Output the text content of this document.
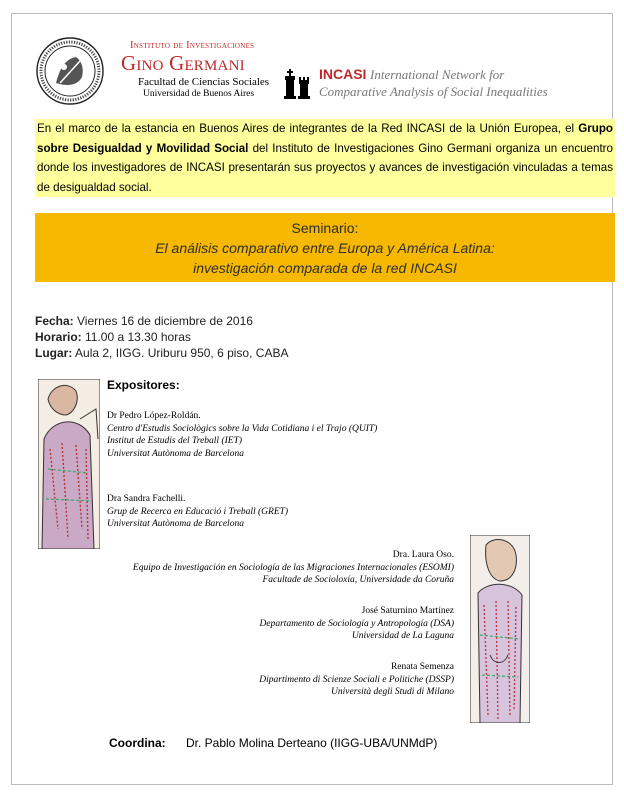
Instituto de Investigaciones
Gino Germani
Facultad de Ciencias Sociales
Universidad de Buenos Aires
INCASI International Network for
Comparative Analysis of Social Inequalities
En el marco de la estancia en Buenos Aires de integrantes de la Red INCASI de la Unión Europea, el Grupo sobre Desigualdad y Movilidad Social del Instituto de Investigaciones Gino Germani organiza un encuentro donde los investigadores de INCASI presentarán sus proyectos y avances de investigación vinculadas a temas de desigualdad social.
Seminario:
El análisis comparativo entre Europa y América Latina:
investigación comparada de la red INCASI
Fecha: Viernes 16 de diciembre de 2016
Horario: 11.00 a 13.30 horas
Lugar: Aula 2, IIGG. Uriburu 950, 6 piso, CABA
Expositores:
Dr Pedro López-Roldán.
Centro d'Estudis Sociològics sobre la Vida Cotidiana i el Trajo (QUIT)
Institut de Estudis del Treball (IET)
Universitat Autònoma de Barcelona
Dra Sandra Fachelli.
Grup de Recerca en Educació i Treball (GRET)
Universitat Autònoma de Barcelona
Dra. Laura Oso.
Equipo de Investigación en Sociología de las Migraciones Internacionales (ESOMI)
Facultade de Socioloxía, Universidade da Coruña
José Saturnino Martínez
Departamento de Sociología y Antropología (DSA)
Universidad de La Laguna
Renata Semenza
Dipartimento di Scienze Sociali e Politiche (DSSP)
Università degli Studi di Milano
Coordina: Dr. Pablo Molina Derteano (IIGG-UBA/UNMdP)
